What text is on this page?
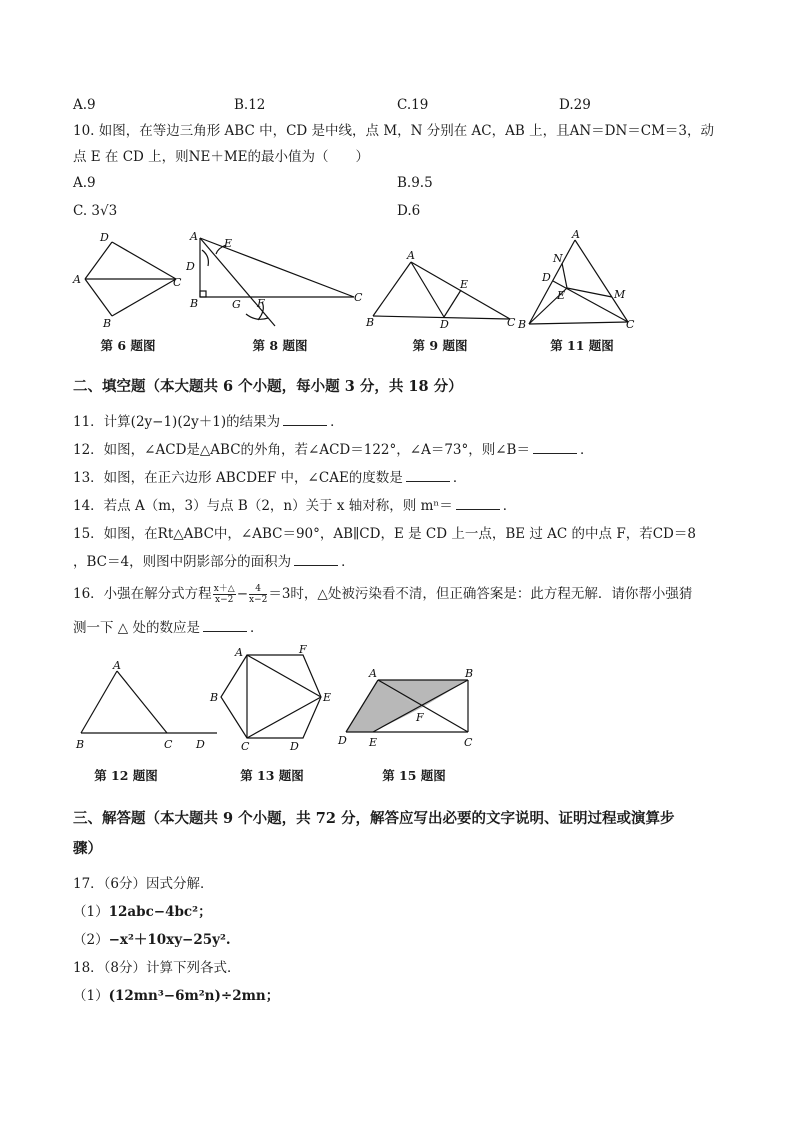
A.9	B.12	C.19	D.29
10. 如图，在等边三角形 ABC 中，CD 是中线，点 M，N 分别在 AC，AB 上，且AN＝DN＝CM＝3，动
点 E 在 CD 上，则NE＋ME的最小值为（　　）
A.9	B.9.5
C. 3√3	D.6
D
A	C
B
第 6 题图
A
E
D
B	G F	C
第 8 题图
A
E
B	D	C
第 9 题图
A
N
D
E	M
B	C
第 11 题图
二、填空题（本大题共 6 个小题，每小题 3 分，共 18 分）
11．计算(2y−1)(2y＋1)的结果为	．
12．如图，∠ACD是△ABC的外角，若∠ACD＝122°，∠A＝73°，则∠B＝	．
13．如图，在正六边形 ABCDEF 中，∠CAE的度数是	．
14．若点 A（m，3）与点 B（2，n）关于 x 轴对称，则 mⁿ＝	．
15．如图，在Rt△ABC中，∠ABC＝90°，AB∥CD，E 是 CD 上一点，BE 过 AC 的中点 F，若CD＝8
，BC＝4，则图中阴影部分的面积为	．
16．小强在解分式方程 $\frac{x+\triangle}{x-2} - \frac{4}{x-2} =3$时，△处被污染看不清，但正确答案是：此方程无解．请你帮小强猜
测一下 △ 处的数应是	．
A
B	C D
第 12 题图
A	F
B	E
C	D
第 13 题图
A	B
F
D E	C
第 15 题图
三、解答题（本大题共 9 个小题，共 72 分，解答应写出必要的文字说明、证明过程或演算步
骤）
17．（6分）因式分解．
（1）12abc−4bc²；
（2）−x²＋10xy−25y².
18．（8分）计算下列各式．
（1）(12mn³−6m²n)÷2mn；
